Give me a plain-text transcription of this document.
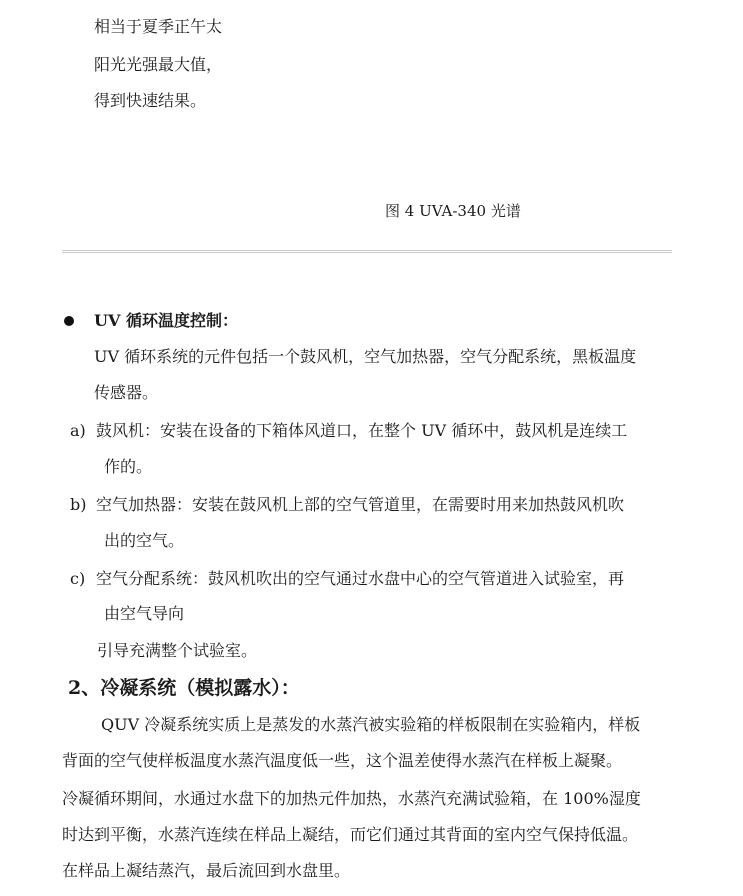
相当于夏季正午太
阳光光强最大值，
得到快速结果。
图 4 UVA-340 光谱
UV 循环温度控制：
UV 循环系统的元件包括一个鼓风机，空气加热器，空气分配系统，黑板温度
传感器。
a) 鼓风机：安装在设备的下箱体风道口，在整个 UV 循环中，鼓风机是连续工
作的。
b) 空气加热器：安装在鼓风机上部的空气管道里，在需要时用来加热鼓风机吹
出的空气。
c) 空气分配系统：鼓风机吹出的空气通过水盘中心的空气管道进入试验室，再
由空气导向
引导充满整个试验室。
2、冷凝系统（模拟露水）：
QUV 冷凝系统实质上是蒸发的水蒸汽被实验箱的样板限制在实验箱内，样板
背面的空气使样板温度水蒸汽温度低一些，这个温差使得水蒸汽在样板上凝聚。
冷凝循环期间，水通过水盘下的加热元件加热，水蒸汽充满试验箱，在 100%湿度
时达到平衡，水蒸汽连续在样品上凝结，而它们通过其背面的室内空气保持低温。
在样品上凝结蒸汽，最后流回到水盘里。
